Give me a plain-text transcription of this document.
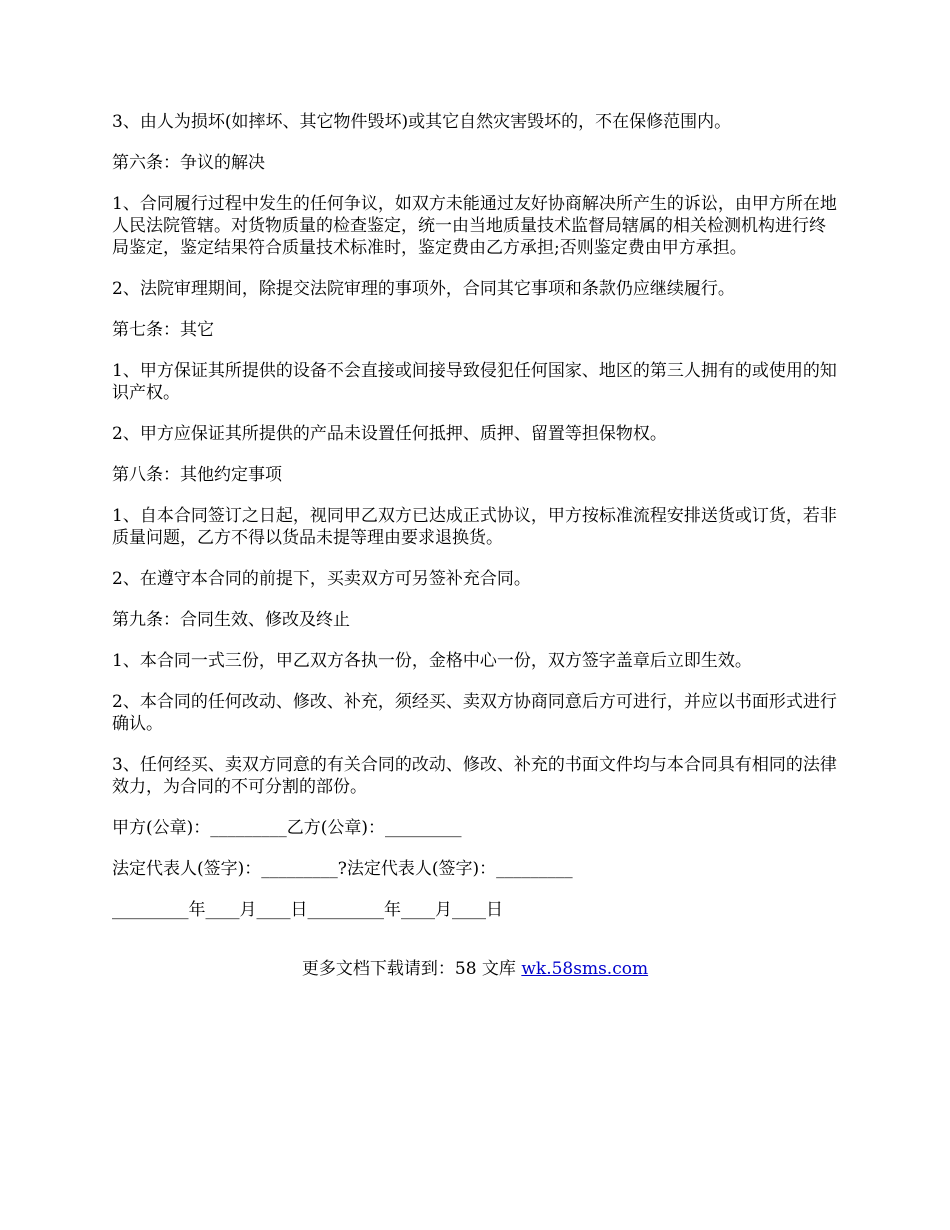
3、由人为损坏(如摔坏、其它物件毁坏)或其它自然灾害毁坏的，不在保修范围内。

第六条：争议的解决

1、合同履行过程中发生的任何争议，如双方未能通过友好协商解决所产生的诉讼，由甲方所在地人民法院管辖。对货物质量的检查鉴定，统一由当地质量技术监督局辖属的相关检测机构进行终局鉴定，鉴定结果符合质量技术标准时，鉴定费由乙方承担;否则鉴定费由甲方承担。

2、法院审理期间，除提交法院审理的事项外，合同其它事项和条款仍应继续履行。

第七条：其它

1、甲方保证其所提供的设备不会直接或间接导致侵犯任何国家、地区的第三人拥有的或使用的知识产权。

2、甲方应保证其所提供的产品未设置任何抵押、质押、留置等担保物权。

第八条：其他约定事项

1、自本合同签订之日起，视同甲乙双方已达成正式协议，甲方按标准流程安排送货或订货，若非质量问题，乙方不得以货品未提等理由要求退换货。

2、在遵守本合同的前提下，买卖双方可另签补充合同。

第九条：合同生效、修改及终止

1、本合同一式三份，甲乙双方各执一份，金格中心一份，双方签字盖章后立即生效。

2、本合同的任何改动、修改、补充，须经买、卖双方协商同意后方可进行，并应以书面形式进行确认。

3、任何经买、卖双方同意的有关合同的改动、修改、补充的书面文件均与本合同具有相同的法律效力，为合同的不可分割的部份。

甲方(公章)：_________乙方(公章)：_________

法定代表人(签字)：_________?法定代表人(签字)：_________

_________年____月____日_________年____月____日

更多文档下载请到：58 文库 wk.58sms.com
